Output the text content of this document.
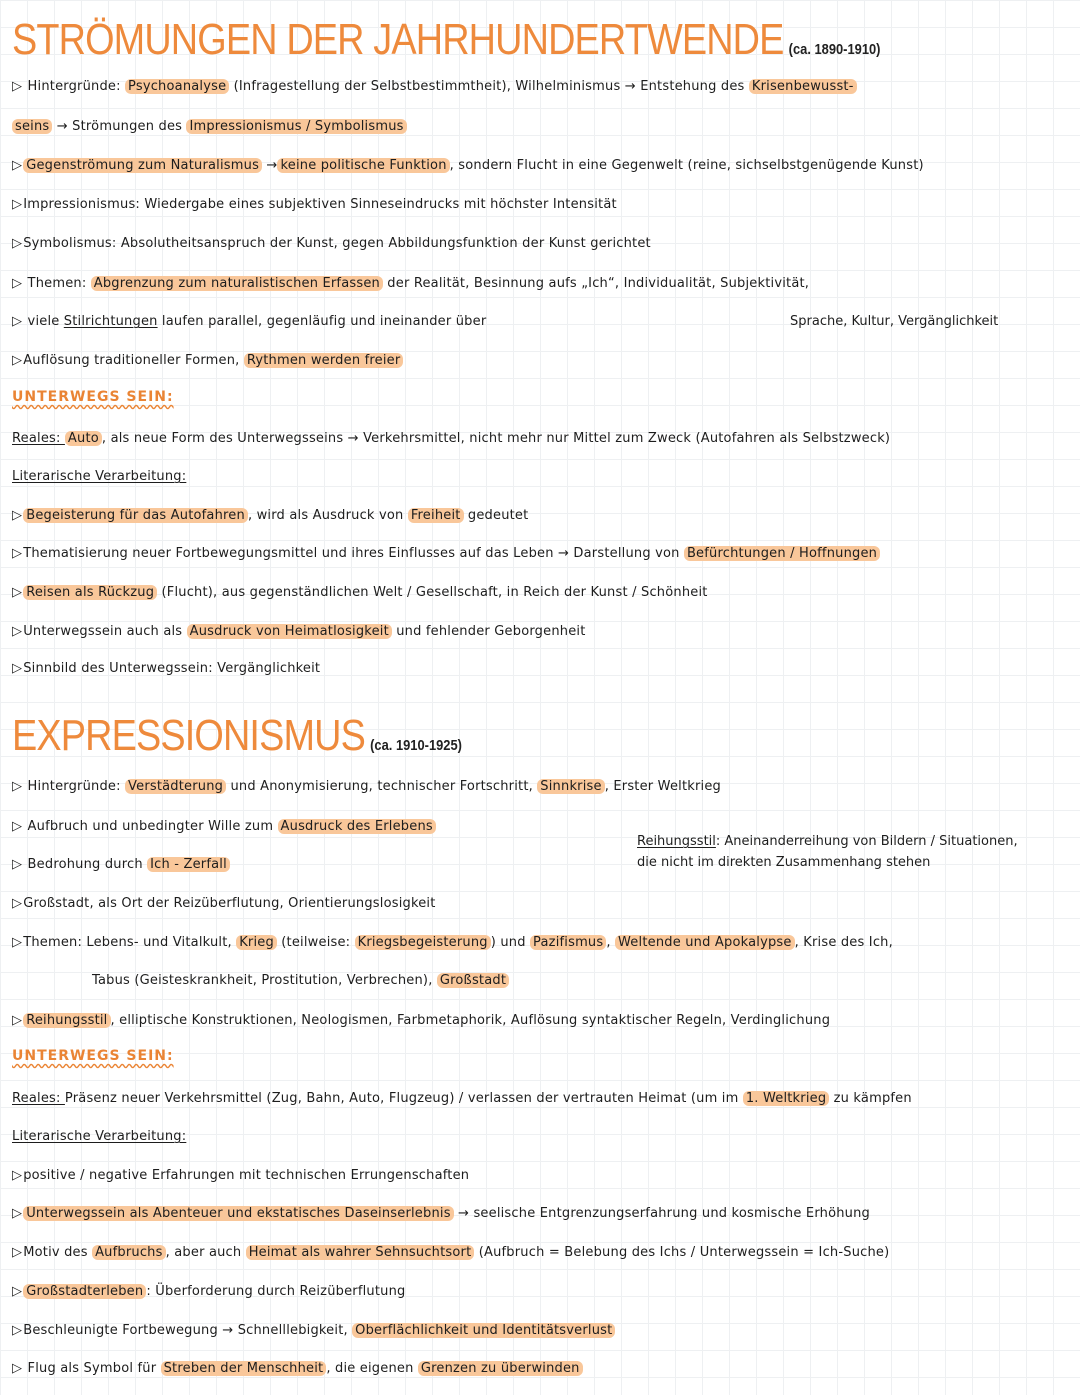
STRÖMUNGEN DER JAHRHUNDERTWENDE (ca. 1890-1910)
▷ Hintergründe: Psychoanalyse (Infragestellung der Selbstbestimmtheit), Wilhelminismus → Entstehung des Krisenbewusst-
seins → Strömungen des Impressionismus / Symbolismus
▷ Gegenströmung zum Naturalismus → keine politische Funktion , sondern Flucht in eine Gegenwelt (reine, sichselbstgenügende Kunst)
▷Impressionismus: Wiedergabe eines subjektiven Sinneseindrucks mit höchster Intensität
▷Symbolismus: Absolutheitsanspruch der Kunst, gegen Abbildungsfunktion der Kunst gerichtet
▷ Themen: Abgrenzung zum naturalistischen Erfassen der Realität, Besinnung aufs „Ich“, Individualität, Subjektivität,
▷ viele Stilrichtungen laufen parallel, gegenläufig und ineinander über	Sprache, Kultur, Vergänglichkeit
▷Auflösung traditioneller Formen, Rythmen werden freier
UNTERWEGS SEIN:
Reales: Auto , als neue Form des Unterwegsseins → Verkehrsmittel, nicht mehr nur Mittel zum Zweck (Autofahren als Selbstzweck)
Literarische Verarbeitung:
▷ Begeisterung für das Autofahren , wird als Ausdruck von Freiheit gedeutet
▷Thematisierung neuer Fortbewegungsmittel und ihres Einflusses auf das Leben → Darstellung von Befürchtungen / Hoffnungen
▷ Reisen als Rückzug (Flucht), aus gegenständlichen Welt / Gesellschaft, in Reich der Kunst / Schönheit
▷Unterwegssein auch als Ausdruck von Heimatlosigkeit und fehlender Geborgenheit
▷Sinnbild des Unterwegssein: Vergänglichkeit
EXPRESSIONISMUS (ca. 1910-1925)
▷ Hintergründe: Verstädterung und Anonymisierung, technischer Fortschritt, Sinnkrise , Erster Weltkrieg
▷ Aufbruch und unbedingter Wille zum Ausdruck des Erlebens
Reihungsstil: Aneinanderreihung von Bildern / Situationen,
die nicht im direkten Zusammenhang stehen
▷ Bedrohung durch Ich - Zerfall
▷Großstadt, als Ort der Reizüberflutung, Orientierungslosigkeit
▷Themen: Lebens- und Vitalkult, Krieg (teilweise: Kriegsbegeisterung ) und Pazifismus , Weltende und Apokalypse , Krise des Ich,
Tabus (Geisteskrankheit, Prostitution, Verbrechen), Großstadt
▷ Reihungsstil , elliptische Konstruktionen, Neologismen, Farbmetaphorik, Auflösung syntaktischer Regeln, Verdinglichung
UNTERWEGS SEIN:
Reales: Präsenz neuer Verkehrsmittel (Zug, Bahn, Auto, Flugzeug) / verlassen der vertrauten Heimat (um im 1. Weltkrieg zu kämpfen
Literarische Verarbeitung:
▷positive / negative Erfahrungen mit technischen Errungenschaften
▷ Unterwegssein als Abenteuer und ekstatisches Daseinserlebnis → seelische Entgrenzungserfahrung und kosmische Erhöhung
▷Motiv des Aufbruchs , aber auch Heimat als wahrer Sehnsuchtsort (Aufbruch = Belebung des Ichs / Unterwegssein = Ich-Suche)
▷ Großstadterleben : Überforderung durch Reizüberflutung
▷Beschleunigte Fortbewegung → Schnelllebigkeit, Oberflächlichkeit und Identitätsverlust
▷ Flug als Symbol für Streben der Menschheit , die eigenen Grenzen zu überwinden
